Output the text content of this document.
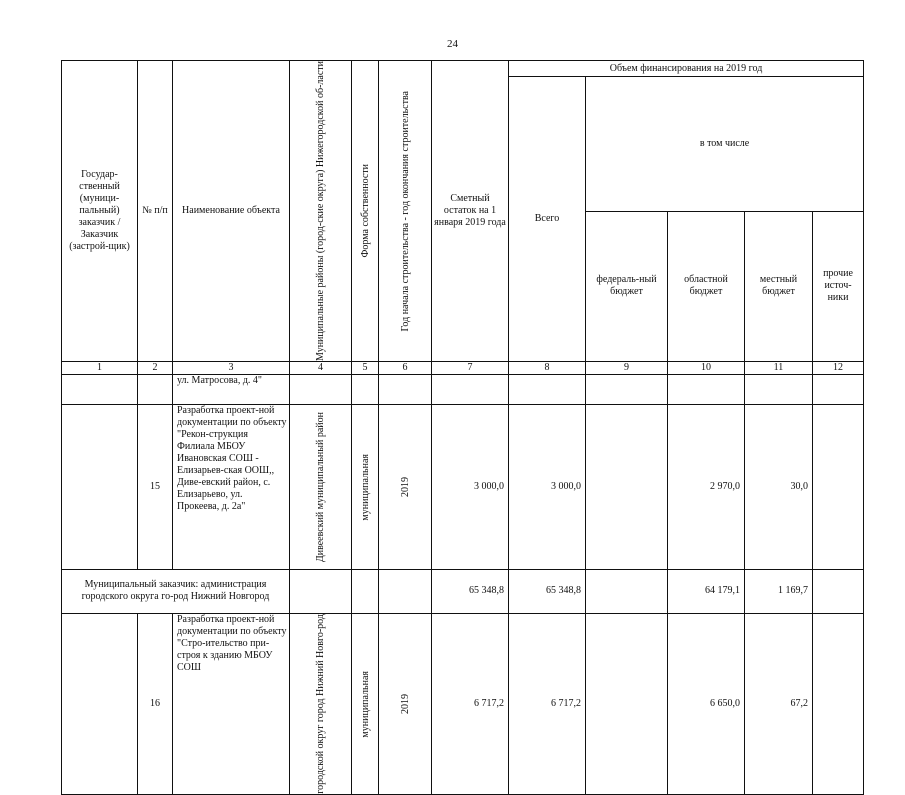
24
Государ-ственный (муници-пальный) заказчик / Заказчик (застрой-щик)	№ п/п	Наименование объекта	Муниципальные районы (город-ские округа) Нижегородской об-ласти	Форма собственности	Год начала строительства - год окончания строительства	Сметный остаток на 1 января 2019 года	Объем финансирования на 2019 год				
							Всего	в том числе			
								федераль-ный бюджет	областной бюджет	местный бюджет	прочие источ-ники
1	2	3	4	5	6	7	8	9	10	11	12
		ул. Матросова, д. 4"									
	15	Разработка проект-ной документации по объекту "Рекон-струкция Филиала МБОУ Ивановская СОШ - Елизарьев-ская ООШ,, Диве-евский район, с. Елизарьево, ул. Прокеева, д. 2а"	Дивеевский муниципальный район	муниципальная	2019	3 000,0	3 000,0		2 970,0	30,0	
Муниципальный заказчик: администрация городского округа го-род Нижний Новгород						65 348,8	65 348,8		64 179,1	1 169,7	
	16	Разработка проект-ной документации по объекту "Стро-ительство при-строя к зданию МБОУ СОШ	городской округ город Нижний Новго-род	муниципальная	2019	6 717,2	6 717,2		6 650,0	67,2	
